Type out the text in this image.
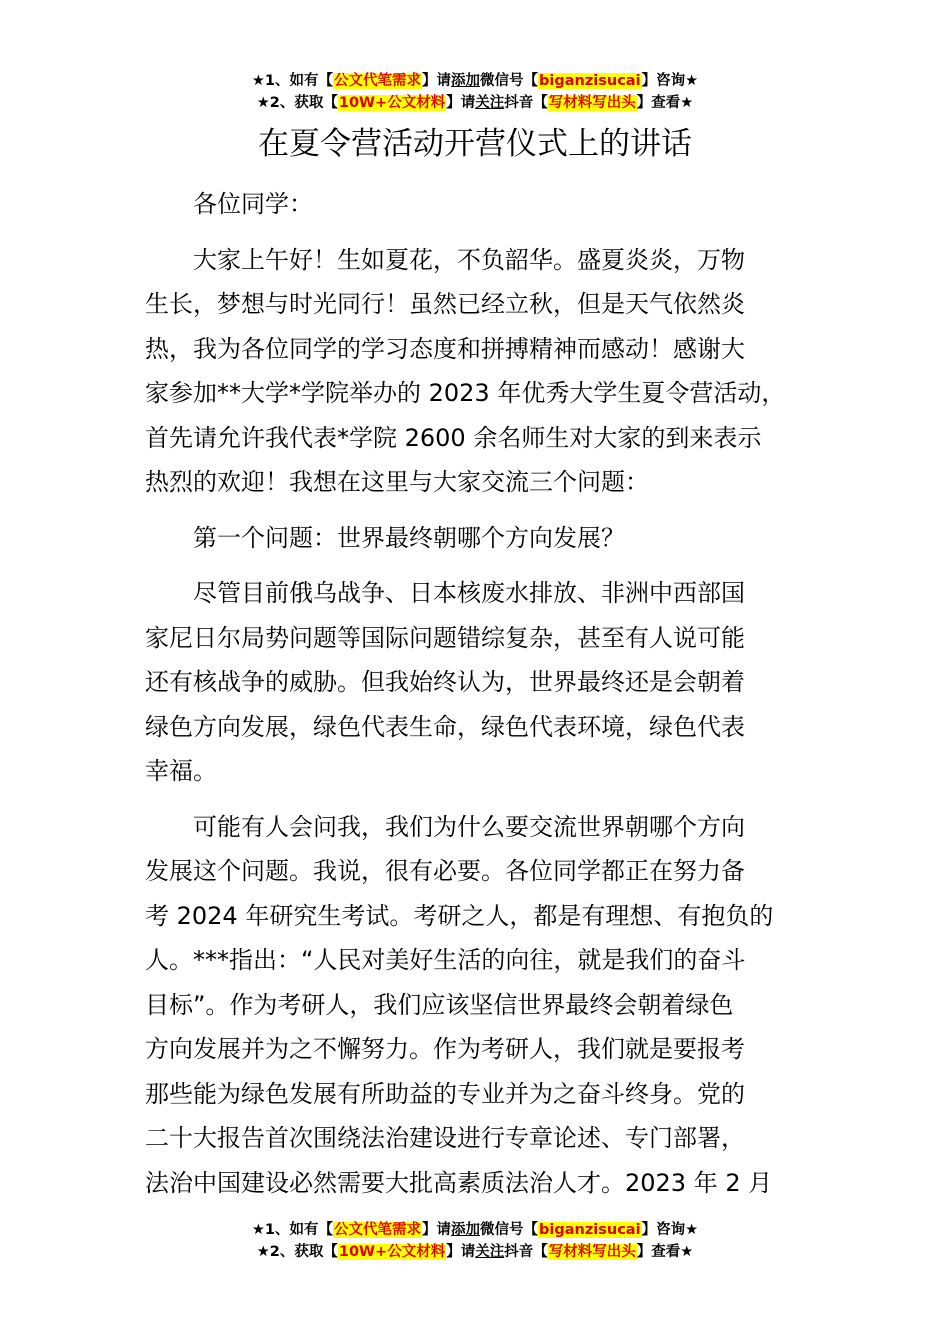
★1、如有【公文代笔需求】请添加微信号【biganzisucai】咨询★
★2、获取【10W+公文材料】请关注抖音【写材料写出头】查看★
在夏令营活动开营仪式上的讲话
各位同学：
大家上午好！生如夏花，不负韶华。盛夏炎炎，万物
生长，梦想与时光同行！虽然已经立秋，但是天气依然炎
热，我为各位同学的学习态度和拼搏精神而感动！感谢大
家参加**大学*学院举办的 2023 年优秀大学生夏令营活动，
首先请允许我代表*学院 2600 余名师生对大家的到来表示
热烈的欢迎！我想在这里与大家交流三个问题：
第一个问题：世界最终朝哪个方向发展？
尽管目前俄乌战争、日本核废水排放、非洲中西部国
家尼日尔局势问题等国际问题错综复杂，甚至有人说可能
还有核战争的威胁。但我始终认为，世界最终还是会朝着
绿色方向发展，绿色代表生命，绿色代表环境，绿色代表
幸福。
可能有人会问我，我们为什么要交流世界朝哪个方向
发展这个问题。我说，很有必要。各位同学都正在努力备
考 2024 年研究生考试。考研之人，都是有理想、有抱负的
人。***指出：“人民对美好生活的向往，就是我们的奋斗
目标”。作为考研人，我们应该坚信世界最终会朝着绿色
方向发展并为之不懈努力。作为考研人，我们就是要报考
那些能为绿色发展有所助益的专业并为之奋斗终身。党的
二十大报告首次围绕法治建设进行专章论述、专门部署，
法治中国建设必然需要大批高素质法治人才。2023 年 2 月
★1、如有【公文代笔需求】请添加微信号【biganzisucai】咨询★
★2、获取【10W+公文材料】请关注抖音【写材料写出头】查看★
